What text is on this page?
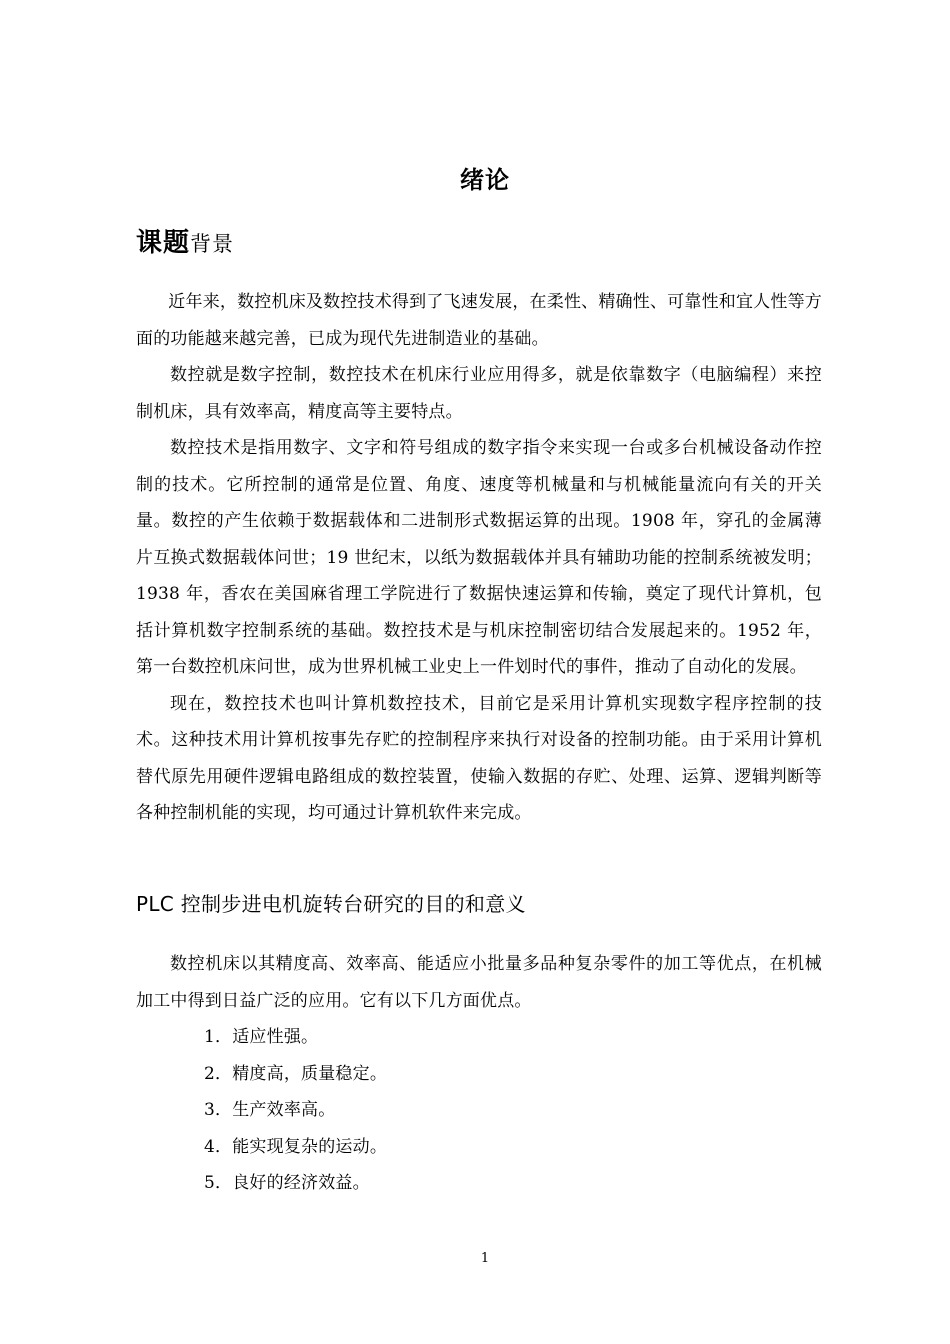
绪论
课题背景

近年来，数控机床及数控技术得到了飞速发展，在柔性、精确性、可靠性和宜人性等方面的功能越来越完善，已成为现代先进制造业的基础。

数控就是数字控制，数控技术在机床行业应用得多，就是依靠数字（电脑编程）来控制机床，具有效率高，精度高等主要特点。

数控技术是指用数字、文字和符号组成的数字指令来实现一台或多台机械设备动作控制的技术。它所控制的通常是位置、角度、速度等机械量和与机械能量流向有关的开关量。数控的产生依赖于数据载体和二进制形式数据运算的出现。1908 年，穿孔的金属薄片互换式数据载体问世；19 世纪末，以纸为数据载体并具有辅助功能的控制系统被发明；1938 年，香农在美国麻省理工学院进行了数据快速运算和传输，奠定了现代计算机，包括计算机数字控制系统的基础。数控技术是与机床控制密切结合发展起来的。1952 年，第一台数控机床问世，成为世界机械工业史上一件划时代的事件，推动了自动化的发展。

现在，数控技术也叫计算机数控技术，目前它是采用计算机实现数字程序控制的技术。这种技术用计算机按事先存贮的控制程序来执行对设备的控制功能。由于采用计算机替代原先用硬件逻辑电路组成的数控装置，使输入数据的存贮、处理、运算、逻辑判断等各种控制机能的实现，均可通过计算机软件来完成。

PLC 控制步进电机旋转台研究的目的和意义

数控机床以其精度高、效率高、能适应小批量多品种复杂零件的加工等优点，在机械加工中得到日益广泛的应用。它有以下几方面优点。

1．适应性强。

2．精度高，质量稳定。

3．生产效率高。

4．能实现复杂的运动。

5．良好的经济效益。

1
